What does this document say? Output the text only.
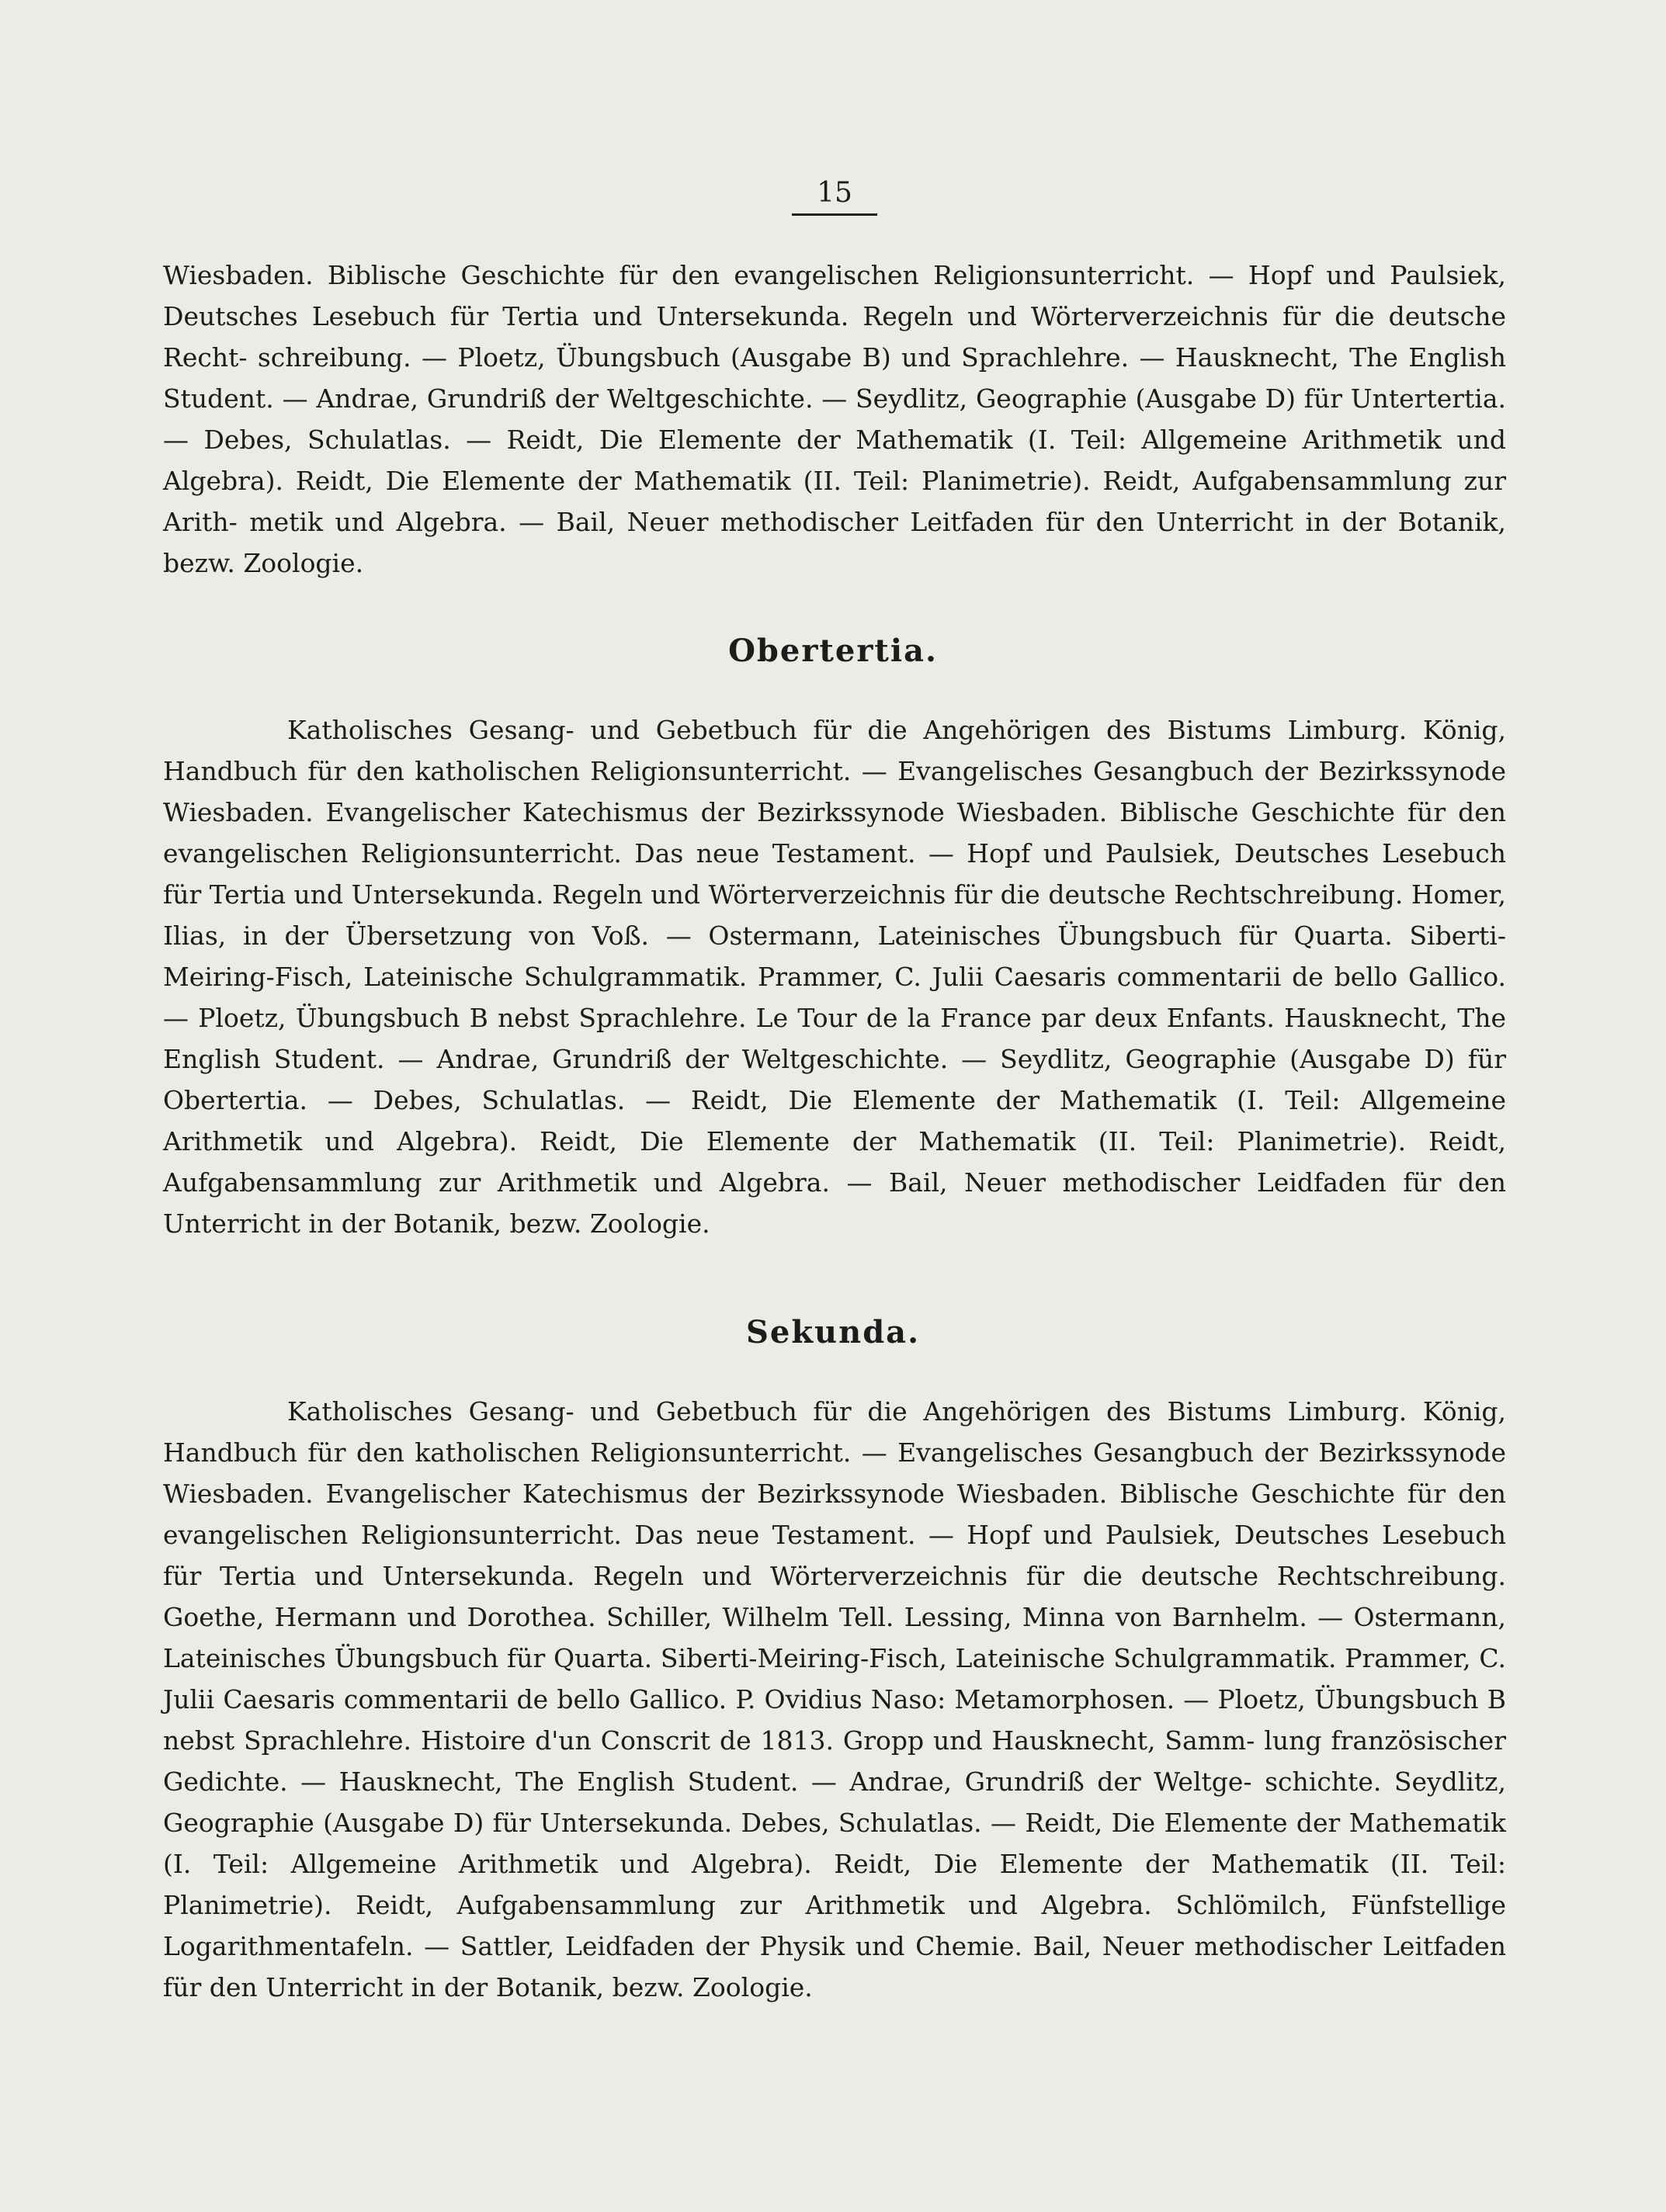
15

Wiesbaden. Biblische Geschichte für den evangelischen Religionsunterricht. — Hopf und Paulsiek, Deutsches Lesebuch für Tertia und Untersekunda. Regeln und Wörterverzeichnis für die deutsche Recht- schreibung. — Ploetz, Übungsbuch (Ausgabe B) und Sprachlehre. — Hausknecht, The English Student. — Andrae, Grundriß der Weltgeschichte. — Seydlitz, Geographie (Ausgabe D) für Untertertia. — Debes, Schulatlas. — Reidt, Die Elemente der Mathematik (I. Teil: Allgemeine Arithmetik und Algebra). Reidt, Die Elemente der Mathematik (II. Teil: Planimetrie). Reidt, Aufgabensammlung zur Arith- metik und Algebra. — Bail, Neuer methodischer Leitfaden für den Unterricht in der Botanik, bezw. Zoologie.

Obertertia.

Katholisches Gesang- und Gebetbuch für die Angehörigen des Bistums Limburg. König, Handbuch für den katholischen Religionsunterricht. — Evangelisches Gesangbuch der Bezirkssynode Wiesbaden. Evangelischer Katechismus der Bezirkssynode Wiesbaden. Biblische Geschichte für den evangelischen Religionsunterricht. Das neue Testament. — Hopf und Paulsiek, Deutsches Lesebuch für Tertia und Untersekunda. Regeln und Wörterverzeichnis für die deutsche Rechtschreibung. Homer, Ilias, in der Übersetzung von Voß. — Ostermann, Lateinisches Übungsbuch für Quarta. Siberti- Meiring-Fisch, Lateinische Schulgrammatik. Prammer, C. Julii Caesaris commentarii de bello Gallico. — Ploetz, Übungsbuch B nebst Sprachlehre. Le Tour de la France par deux Enfants. Hausknecht, The English Student. — Andrae, Grundriß der Weltgeschichte. — Seydlitz, Geographie (Ausgabe D) für Obertertia. — Debes, Schulatlas. — Reidt, Die Elemente der Mathematik (I. Teil: Allgemeine Arithmetik und Algebra). Reidt, Die Elemente der Mathematik (II. Teil: Planimetrie). Reidt, Aufgabensammlung zur Arithmetik und Algebra. — Bail, Neuer methodischer Leidfaden für den Unterricht in der Botanik, bezw. Zoologie.

Sekunda.

Katholisches Gesang- und Gebetbuch für die Angehörigen des Bistums Limburg. König, Handbuch für den katholischen Religionsunterricht. — Evangelisches Gesangbuch der Bezirkssynode Wiesbaden. Evangelischer Katechismus der Bezirkssynode Wiesbaden. Biblische Geschichte für den evangelischen Religionsunterricht. Das neue Testament. — Hopf und Paulsiek, Deutsches Lesebuch für Tertia und Untersekunda. Regeln und Wörterverzeichnis für die deutsche Rechtschreibung. Goethe, Hermann und Dorothea. Schiller, Wilhelm Tell. Lessing, Minna von Barnhelm. — Ostermann, Lateinisches Übungsbuch für Quarta. Siberti-Meiring-Fisch, Lateinische Schulgrammatik. Prammer, C. Julii Caesaris commentarii de bello Gallico. P. Ovidius Naso: Metamorphosen. — Ploetz, Übungsbuch B nebst Sprachlehre. Histoire d'un Conscrit de 1813. Gropp und Hausknecht, Samm- lung französischer Gedichte. — Hausknecht, The English Student. — Andrae, Grundriß der Weltge- schichte. Seydlitz, Geographie (Ausgabe D) für Untersekunda. Debes, Schulatlas. — Reidt, Die Elemente der Mathematik (I. Teil: Allgemeine Arithmetik und Algebra). Reidt, Die Elemente der Mathematik (II. Teil: Planimetrie). Reidt, Aufgabensammlung zur Arithmetik und Algebra. Schlömilch, Fünfstellige Logarithmentafeln. — Sattler, Leidfaden der Physik und Chemie. Bail, Neuer methodischer Leitfaden für den Unterricht in der Botanik, bezw. Zoologie.
